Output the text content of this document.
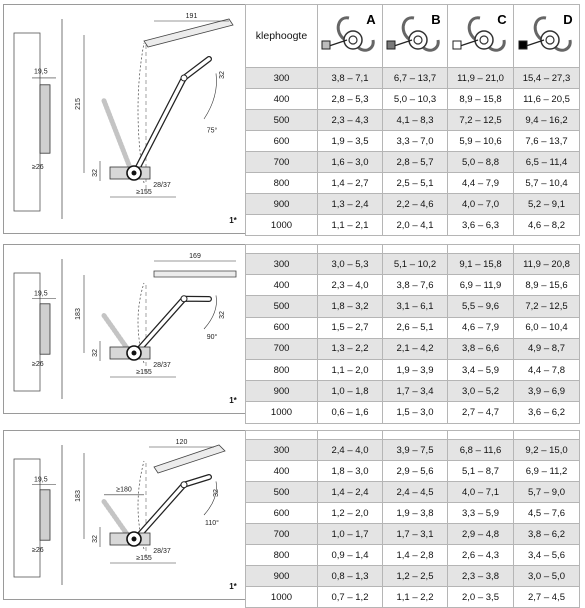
19,5
≥26
191
215
32
32
75°
28/37
≥155
1*
klephoogte	A	B	C	D

300	3,8 – 7,1	6,7 – 13,7	11,9 – 21,0	15,4 – 27,3
400	2,8 – 5,3	5,0 – 10,3	8,9 – 15,8	11,6 – 20,5
500	2,3 – 4,3	4,1 – 8,3	7,2 – 12,5	9,4 – 16,2
600	1,9 – 3,5	3,3 – 7,0	5,9 – 10,6	7,6 – 13,7
700	1,6 – 3,0	2,8 – 5,7	5,0 – 8,8	6,5 – 11,4
800	1,4 – 2,7	2,5 – 5,1	4,4 – 7,9	5,7 – 10,4
900	1,3 – 2,4	2,2 – 4,6	4,0 – 7,0	5,2 – 9,1
1000	1,1 – 2,1	2,0 – 4,1	3,6 – 6,3	4,6 – 8,2
19,5
≥26
169
183
32
32
90°
28/37
≥155
1*

300	3,0 – 5,3	5,1 – 10,2	9,1 – 15,8	11,9 – 20,8
400	2,3 – 4,0	3,8 – 7,6	6,9 – 11,9	8,9 – 15,6
500	1,8 – 3,2	3,1 – 6,1	5,5 – 9,6	7,2 – 12,5
600	1,5 – 2,7	2,6 – 5,1	4,6 – 7,9	6,0 – 10,4
700	1,3 – 2,2	2,1 – 4,2	3,8 – 6,6	4,9 – 8,7
800	1,1 – 2,0	1,9 – 3,9	3,4 – 5,9	4,4 – 7,8
900	1,0 – 1,8	1,7 – 3,4	3,0 – 5,2	3,9 – 6,9
1000	0,6 – 1,6	1,5 – 3,0	2,7 – 4,7	3,6 – 6,2
19,5
≥26
120
183
32
32
110°
28/37
≥155
≥180
1*

300	2,4 – 4,0	3,9 – 7,5	6,8 – 11,6	9,2 – 15,0
400	1,8 – 3,0	2,9 – 5,6	5,1 – 8,7	6,9 – 11,2
500	1,4 – 2,4	2,4 – 4,5	4,0 – 7,1	5,7 – 9,0
600	1,2 – 2,0	1,9 – 3,8	3,3 – 5,9	4,5 – 7,6
700	1,0 – 1,7	1,7 – 3,1	2,9 – 4,8	3,8 – 6,2
800	0,9 – 1,4	1,4 – 2,8	2,6 – 4,3	3,4 – 5,6
900	0,8 – 1,3	1,2 – 2,5	2,3 – 3,8	3,0 – 5,0
1000	0,7 – 1,2	1,1 – 2,2	2,0 – 3,5	2,7 – 4,5
